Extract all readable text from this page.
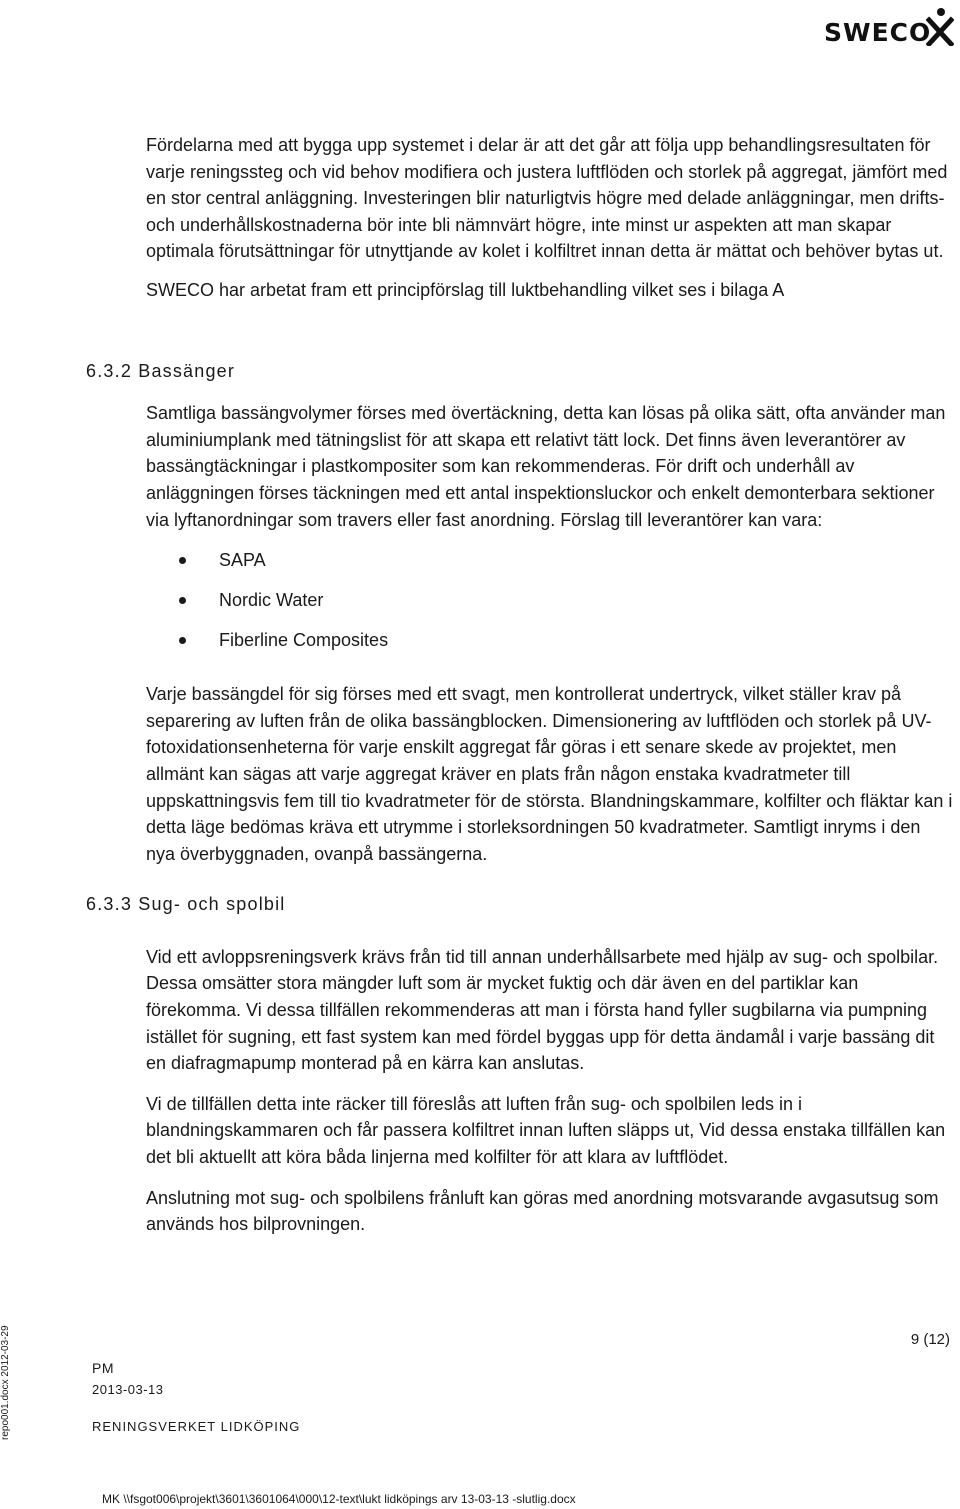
SWECO

Fördelarna med att bygga upp systemet i delar är att det går att följa upp behandlingsresultaten för varje reningssteg och vid behov modifiera och justera luftflöden och storlek på aggregat, jämfört med en stor central anläggning. Investeringen blir naturligtvis högre med delade anläggningar, men drifts- och underhållskostnaderna bör inte bli nämnvärt högre, inte minst ur aspekten att man skapar optimala förutsättningar för utnyttjande av kolet i kolfiltret innan detta är mättat och behöver bytas ut.

SWECO har arbetat fram ett principförslag till luktbehandling vilket ses i bilaga A

6.3.2 Bassänger

Samtliga bassängvolymer förses med övertäckning, detta kan lösas på olika sätt, ofta använder man aluminiumplank med tätningslist för att skapa ett relativt tätt lock. Det finns även leverantörer av bassängtäckningar i plastkompositer som kan rekommenderas. För drift och underhåll av anläggningen förses täckningen med ett antal inspektionsluckor och enkelt demonterbara sektioner via lyftanordningar som travers eller fast anordning. Förslag till leverantörer kan vara:

SAPA
Nordic Water
Fiberline Composites

Varje bassängdel för sig förses med ett svagt, men kontrollerat undertryck, vilket ställer krav på separering av luften från de olika bassängblocken. Dimensionering av luftflöden och storlek på UV-fotoxidationsenheterna för varje enskilt aggregat får göras i ett senare skede av projektet, men allmänt kan sägas att varje aggregat kräver en plats från någon enstaka kvadratmeter till uppskattningsvis fem till tio kvadratmeter för de största. Blandningskammare, kolfilter och fläktar kan i detta läge bedömas kräva ett utrymme i storleksordningen 50 kvadratmeter. Samtligt inryms i den nya överbyggnaden, ovanpå bassängerna.

6.3.3 Sug- och spolbil

Vid ett avloppsreningsverk krävs från tid till annan underhållsarbete med hjälp av sug- och spolbilar. Dessa omsätter stora mängder luft som är mycket fuktig och där även en del partiklar kan förekomma. Vi dessa tillfällen rekommenderas att man i första hand fyller sugbilarna via pumpning istället för sugning, ett fast system kan med fördel byggas upp för detta ändamål i varje bassäng dit en diafragmapump monterad på en kärra kan anslutas.

Vi de tillfällen detta inte räcker till föreslås att luften från sug- och spolbilen leds in i blandningskammaren och får passera kolfiltret innan luften släpps ut, Vid dessa enstaka tillfällen kan det bli aktuellt att köra båda linjerna med kolfilter för att klara av luftflödet.

Anslutning mot sug- och spolbilens frånluft kan göras med anordning motsvarande avgasutsug som används hos bilprovningen.

9 (12)
PM
2013-03-13
RENINGSVERKET LIDKÖPING
MK \\fsgot006\projekt\3601\3601064\000\12-text\lukt lidköpings arv 13-03-13 -slutlig.docx
repo001.docx 2012-03-29
